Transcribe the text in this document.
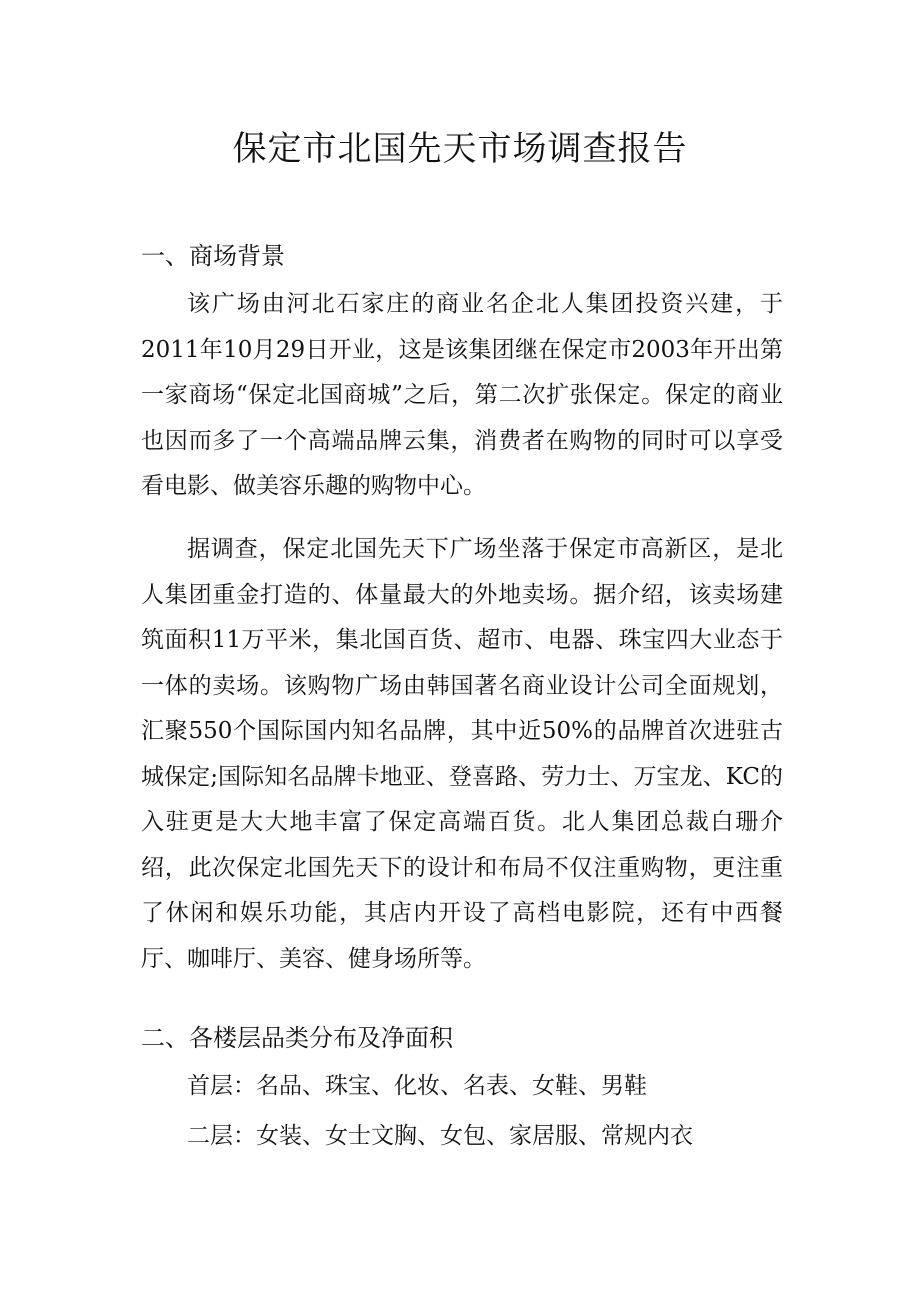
保定市北国先天市场调查报告
一、商场背景

该广场由河北石家庄的商业名企北人集团投资兴建，于2011年10月29日开业，这是该集团继在保定市2003年开出第一家商场“保定北国商城”之后，第二次扩张保定。保定的商业也因而多了一个高端品牌云集，消费者在购物的同时可以享受看电影、做美容乐趣的购物中心。

据调查，保定北国先天下广场坐落于保定市高新区，是北人集团重金打造的、体量最大的外地卖场。据介绍，该卖场建筑面积11万平米，集北国百货、超市、电器、珠宝四大业态于一体的卖场。该购物广场由韩国著名商业设计公司全面规划，汇聚550个国际国内知名品牌，其中近50%的品牌首次进驻古城保定;国际知名品牌卡地亚、登喜路、劳力士、万宝龙、KC的入驻更是大大地丰富了保定高端百货。北人集团总裁白珊介绍，此次保定北国先天下的设计和布局不仅注重购物，更注重了休闲和娱乐功能，其店内开设了高档电影院，还有中西餐厅、咖啡厅、美容、健身场所等。

二、各楼层品类分布及净面积
首层：名品、珠宝、化妆、名表、女鞋、男鞋
二层：女装、女士文胸、女包、家居服、常规内衣
